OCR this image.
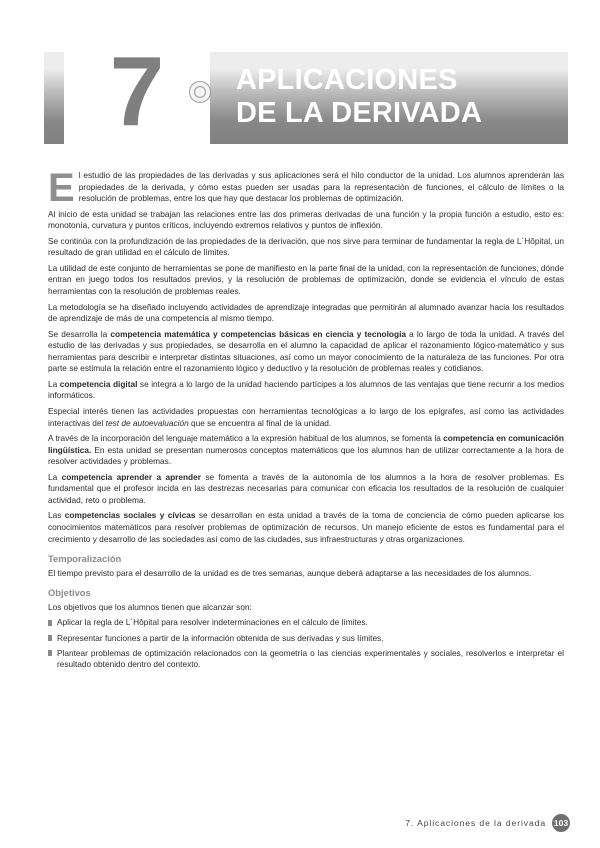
7	APLICACIONES
DE LA DERIVADA

El estudio de las propiedades de las derivadas y sus aplicaciones será el hilo conductor de la unidad. Los alumnos aprenderán las propiedades de la derivada, y cómo estas pueden ser usadas para la representación de funciones, el cálculo de límites o la resolución de problemas, entre los que hay que destacar los problemas de optimización.

Al inicio de esta unidad se trabajan las relaciones entre las dos primeras derivadas de una función y la propia función a estudio, esto es: monotonía, curvatura y puntos críticos, incluyendo extremos relativos y puntos de inflexión.

Se continúa con la profundización de las propiedades de la derivación, que nos sirve para terminar de fundamentar la regla de L´Hôpital, un resultado de gran utilidad en el cálculo de límites.

La utilidad de este conjunto de herramientas se pone de manifiesto en la parte final de la unidad, con la representación de funciones, dónde entran en juego todos los resultados previos, y la resolución de problemas de optimización, donde se evidencia el vínculo de estas herramientas con la resolución de problemas reales.

La metodología se ha diseñado incluyendo actividades de aprendizaje integradas que permitirán al alumnado avanzar hacia los resultados de aprendizaje de más de una competencia al mismo tiempo.

Se desarrolla la competencia matemática y competencias básicas en ciencia y tecnología a lo largo de toda la unidad. A través del estudio de las derivadas y sus propiedades, se desarrolla en el alumno la capacidad de aplicar el razonamiento lógico-matemático y sus herramientas para describir e interpretar distintas situaciones, así como un mayor conocimiento de la naturaleza de las funciones. Por otra parte se estimula la relación entre el razonamiento lógico y deductivo y la resolución de problemas reales y cotidianos.

La competencia digital se integra a lo largo de la unidad haciendo partícipes a los alumnos de las ventajas que tiene recurrir a los medios informáticos.

Especial interés tienen las actividades propuestas con herramientas tecnológicas a lo largo de los epígrafes, así como las actividades interactivas del test de autoevaluación que se encuentra al final de la unidad.

A través de la incorporación del lenguaje matemático a la expresión habitual de los alumnos, se fomenta la competencia en comunicación lingüística. En esta unidad se presentan numerosos conceptos matemáticos que los alumnos han de utilizar correctamente a la hora de resolver actividades y problemas.

La competencia aprender a aprender se fomenta a través de la autonomía de los alumnos a la hora de resolver problemas. Es fundamental que el profesor incida en las destrezas necesarias para comunicar con eficacia los resultados de la resolución de cualquier actividad, reto o problema.

Las competencias sociales y cívicas se desarrollan en esta unidad a través de la toma de conciencia de cómo pueden aplicarse los conocimientos matemáticos para resolver problemas de optimización de recursos. Un manejo eficiente de estos es fundamental para el crecimiento y desarrollo de las sociedades así como de las ciudades, sus infraestructuras y otras organizaciones.

Temporalización

El tiempo previsto para el desarrollo de la unidad es de tres semanas, aunque deberá adaptarse a las necesidades de los alumnos.

Objetivos

Los objetivos que los alumnos tienen que alcanzar son:

Aplicar la regla de L´Hôpital para resolver indeterminaciones en el cálculo de límites.
Representar funciones a partir de la información obtenida de sus derivadas y sus límites.
Plantear problemas de optimización relacionados con la geometría o las ciencias experimentales y sociales, resolverlos e interpretar el resultado obtenido dentro del contexto.
7. Aplicaciones de la derivada 103
